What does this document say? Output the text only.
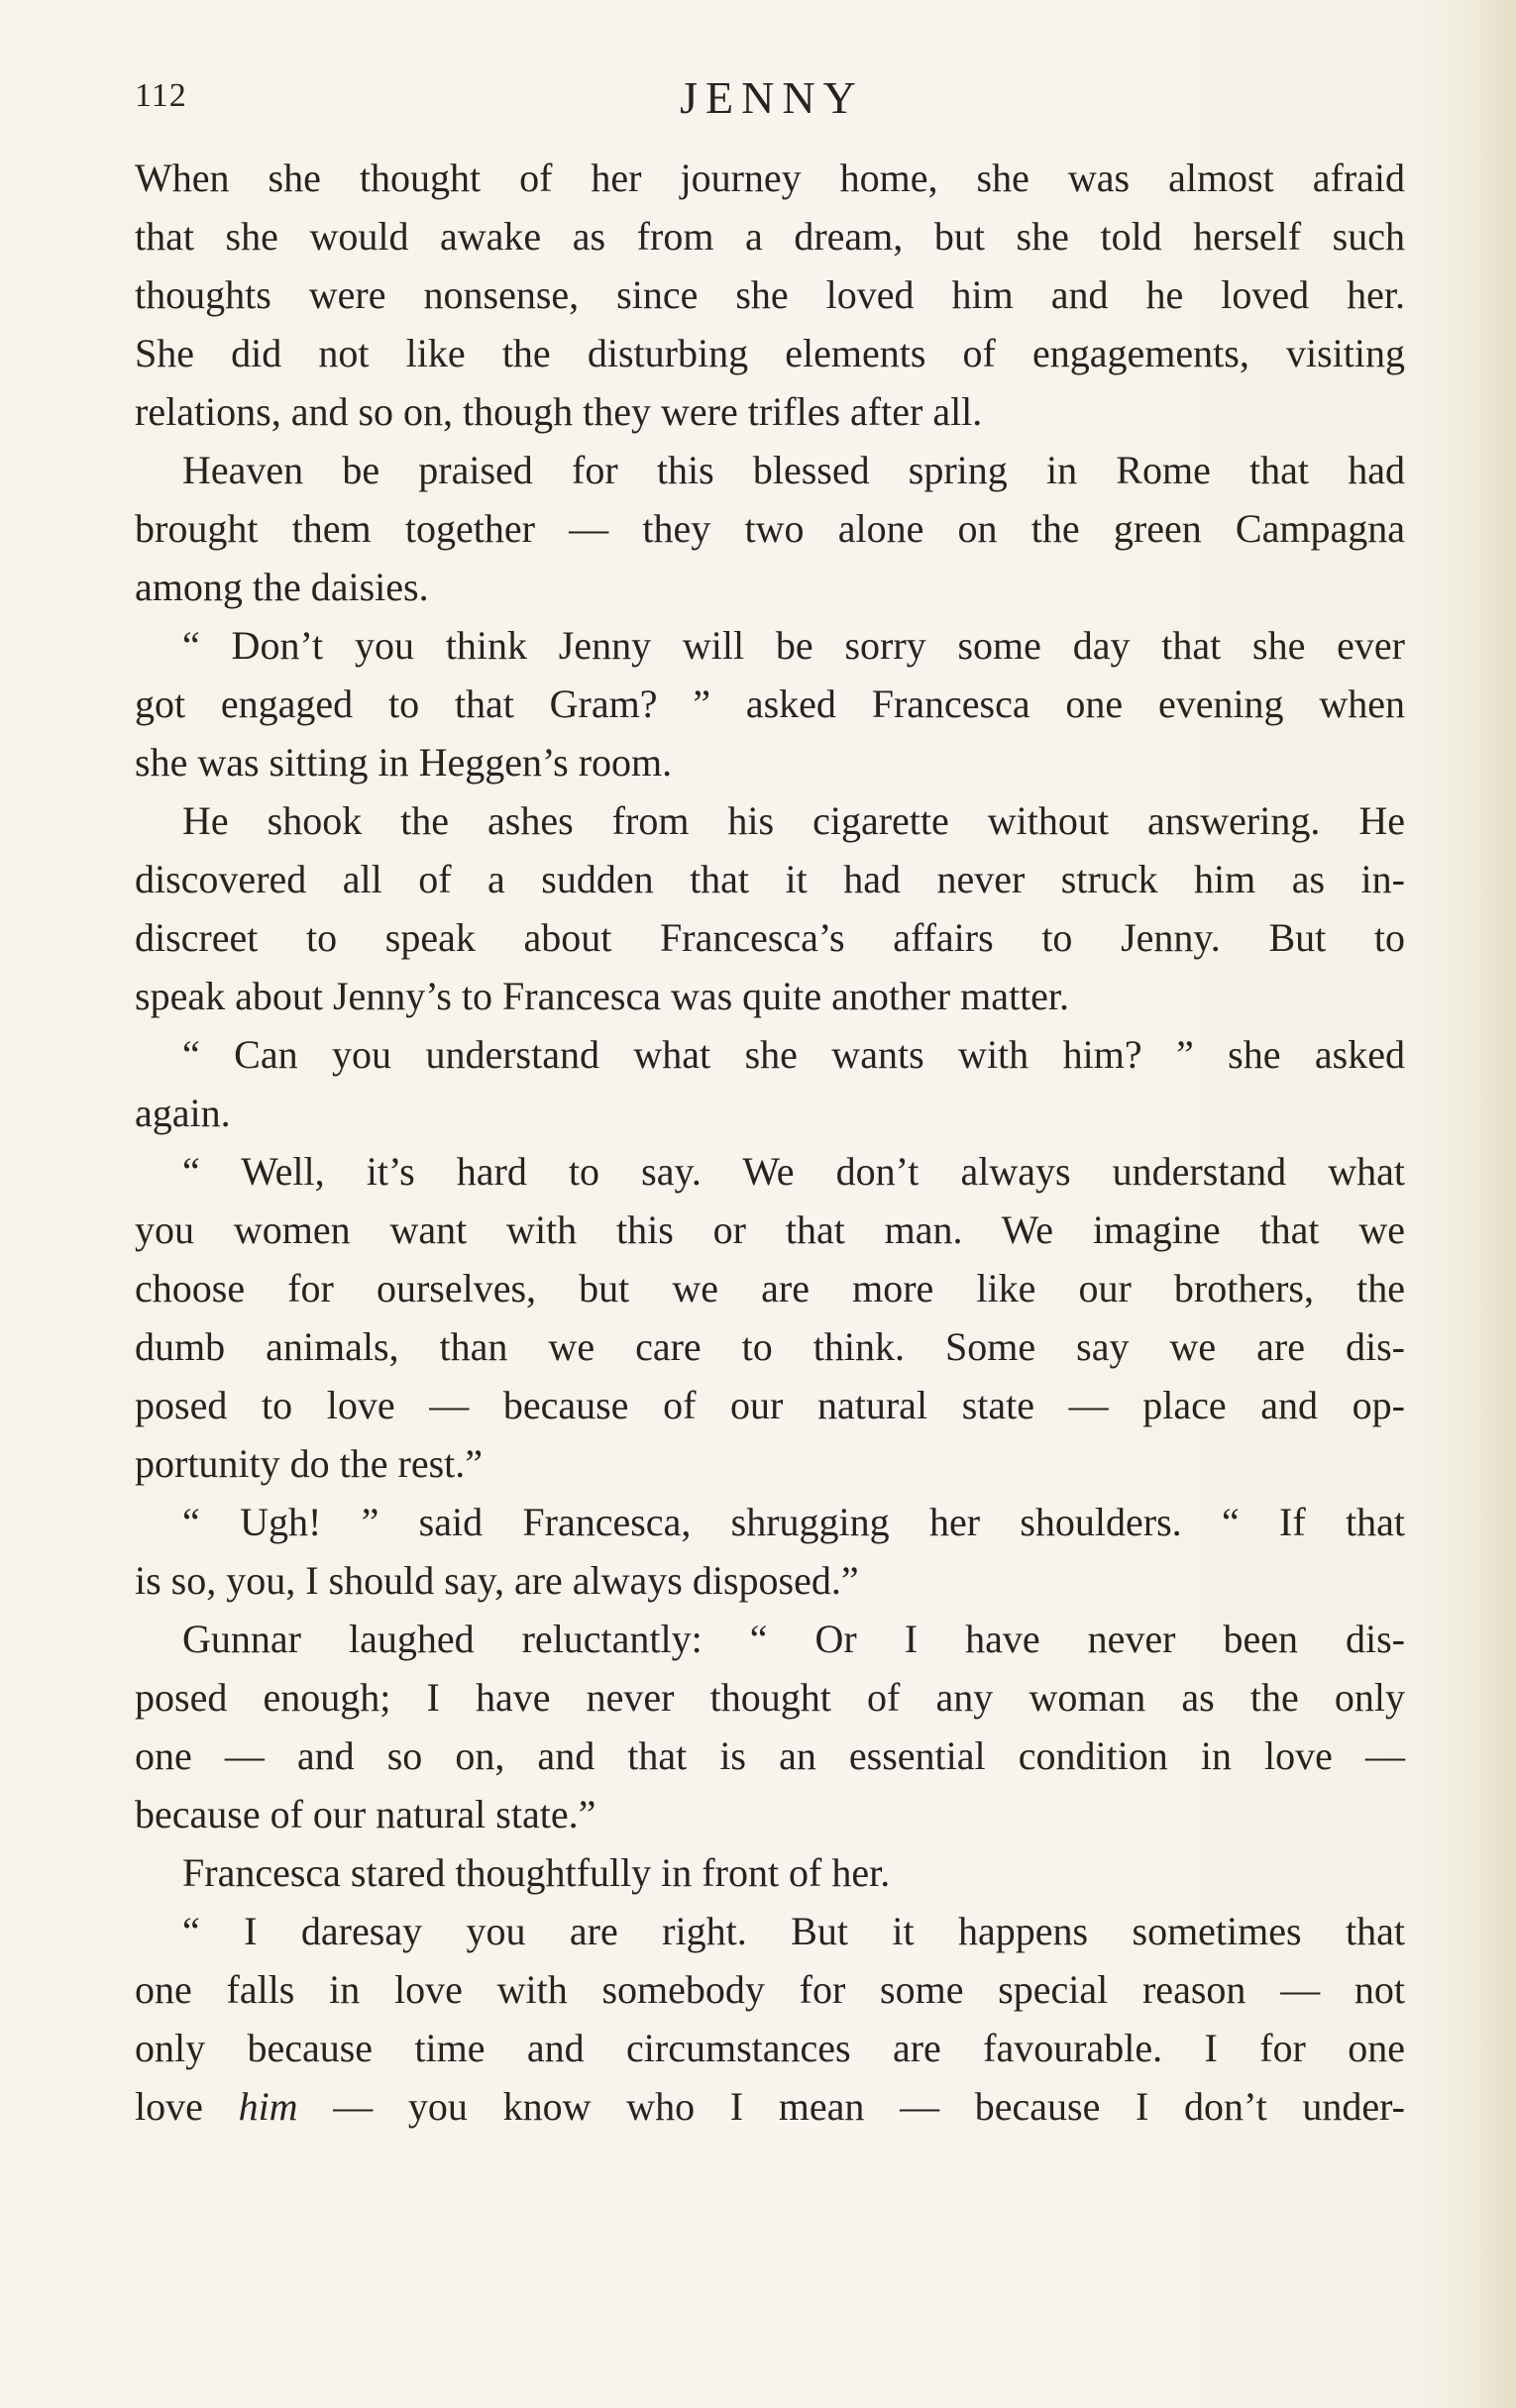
112	JENNY

When she thought of her journey home, she was almost afraid
that she would awake as from a dream, but she told herself such
thoughts were nonsense, since she loved him and he loved her.
She did not like the disturbing elements of engagements, visiting
relations, and so on, though they were trifles after all.

Heaven be praised for this blessed spring in Rome that had
brought them together — they two alone on the green Campagna
among the daisies.

“ Don’t you think Jenny will be sorry some day that she ever
got engaged to that Gram? ” asked Francesca one evening when
she was sitting in Heggen’s room.

He shook the ashes from his cigarette without answering. He
discovered all of a sudden that it had never struck him as in-
discreet to speak about Francesca’s affairs to Jenny. But to
speak about Jenny’s to Francesca was quite another matter.

“ Can you understand what she wants with him? ” she asked
again.

“ Well, it’s hard to say. We don’t always understand what
you women want with this or that man. We imagine that we
choose for ourselves, but we are more like our brothers, the
dumb animals, than we care to think. Some say we are dis-
posed to love — because of our natural state — place and op-
portunity do the rest.”

“ Ugh! ” said Francesca, shrugging her shoulders. “ If that
is so, you, I should say, are always disposed.”

Gunnar laughed reluctantly: “ Or I have never been dis-
posed enough; I have never thought of any woman as the only
one — and so on, and that is an essential condition in love —
because of our natural state.”

Francesca stared thoughtfully in front of her.

“ I daresay you are right. But it happens sometimes that
one falls in love with somebody for some special reason — not
only because time and circumstances are favourable. I for one
love him — you know who I mean — because I don’t under-
